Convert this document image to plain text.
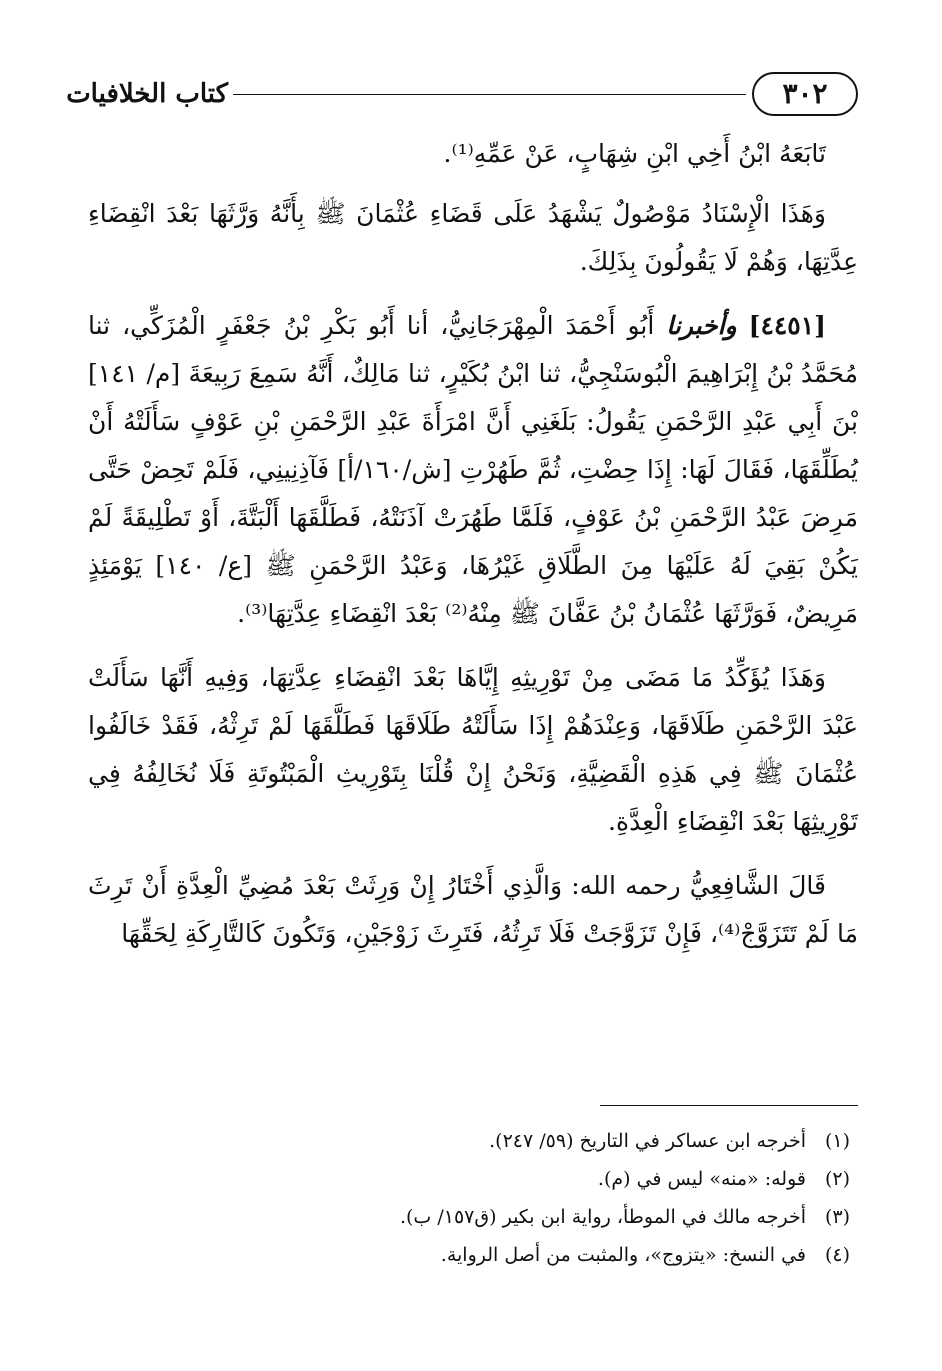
كتاب الخلافيات	٣٠٢

تَابَعَهُ ابْنُ أَخِي ابْنِ شِهَابٍ، عَنْ عَمِّهِ⁽¹⁾.

وَهَذَا الْإِسْنَادُ مَوْصُولٌ يَشْهَدُ عَلَى قَضَاءِ عُثْمَانَ ﷺ بِأَنَّهُ وَرَّثَهَا بَعْدَ انْقِضَاءِ عِدَّتِهَا، وَهُمْ لَا يَقُولُونَ بِذَلِكَ.

[٤٤٥١] وأخبرنا أَبُو أَحْمَدَ الْمِهْرَجَانِيُّ، أنا أَبُو بَكْرِ بْنُ جَعْفَرٍ الْمُزَكِّي، ثنا مُحَمَّدُ بْنُ إِبْرَاهِيمَ الْبُوسَنْجِيُّ، ثنا ابْنُ بُكَيْرٍ، ثنا مَالِكٌ، أَنَّهُ سَمِعَ رَبِيعَةَ [م/ ١٤١] بْنَ أَبِي عَبْدِ الرَّحْمَنِ يَقُولُ: بَلَغَنِي أَنَّ امْرَأَةَ عَبْدِ الرَّحْمَنِ بْنِ عَوْفٍ سَأَلَتْهُ أَنْ يُطَلِّقَهَا، فَقَالَ لَهَا: إِذَا حِضْتِ، ثُمَّ طَهُرْتِ [ش/١٦٠/أ] فَآذِنِينِي، فَلَمْ تَحِضْ حَتَّى مَرِضَ عَبْدُ الرَّحْمَنِ بْنُ عَوْفٍ، فَلَمَّا طَهُرَتْ آذَنَتْهُ، فَطَلَّقَهَا أَلْبَتَّةَ، أَوْ تَطْلِيقَةً لَمْ يَكُنْ بَقِيَ لَهُ عَلَيْهَا مِنَ الطَّلَاقِ غَيْرُهَا، وَعَبْدُ الرَّحْمَنِ ﷺ [ع/ ١٤٠] يَوْمَئِذٍ مَرِيضٌ، فَوَرَّثَهَا عُثْمَانُ بْنُ عَفَّانَ ﷺ مِنْهُ⁽²⁾ بَعْدَ انْقِضَاءِ عِدَّتِهَا⁽³⁾.

وَهَذَا يُؤَكِّدُ مَا مَضَى مِنْ تَوْرِيثِهِ إِيَّاهَا بَعْدَ انْقِضَاءِ عِدَّتِهَا، وَفِيهِ أَنَّهَا سَأَلَتْ عَبْدَ الرَّحْمَنِ طَلَاقَهَا، وَعِنْدَهُمْ إِذَا سَأَلَتْهُ طَلَاقَهَا فَطَلَّقَهَا لَمْ تَرِثْهُ، فَقَدْ خَالَفُوا عُثْمَانَ ﷺ فِي هَذِهِ الْقَضِيَّةِ، وَنَحْنُ إِنْ قُلْنَا بِتَوْرِيثِ الْمَبْتُوتَةِ فَلَا نُخَالِفُهُ فِي تَوْرِيثِهَا بَعْدَ انْقِضَاءِ الْعِدَّةِ.

قَالَ الشَّافِعِيُّ رحمه الله: وَالَّذِي أَخْتَارُ إِنْ وَرِثَتْ بَعْدَ مُضِيِّ الْعِدَّةِ أَنْ تَرِثَ مَا لَمْ تَتَزَوَّجْ⁽⁴⁾، فَإِنْ تَزَوَّجَتْ فَلَا تَرِثُهُ، فَتَرِثَ زَوْجَيْنِ، وَتَكُونَ كَالتَّارِكَةِ لِحَقِّهَا

(١)أخرجه ابن عساكر في التاريخ (٥٩/ ٢٤٧).
(٢)قوله: «منه» ليس في (م).
(٣)أخرجه مالك في الموطأ، رواية ابن بكير (ق١٥٧/ ب).
(٤)في النسخ: «يتزوج»، والمثبت من أصل الرواية.
